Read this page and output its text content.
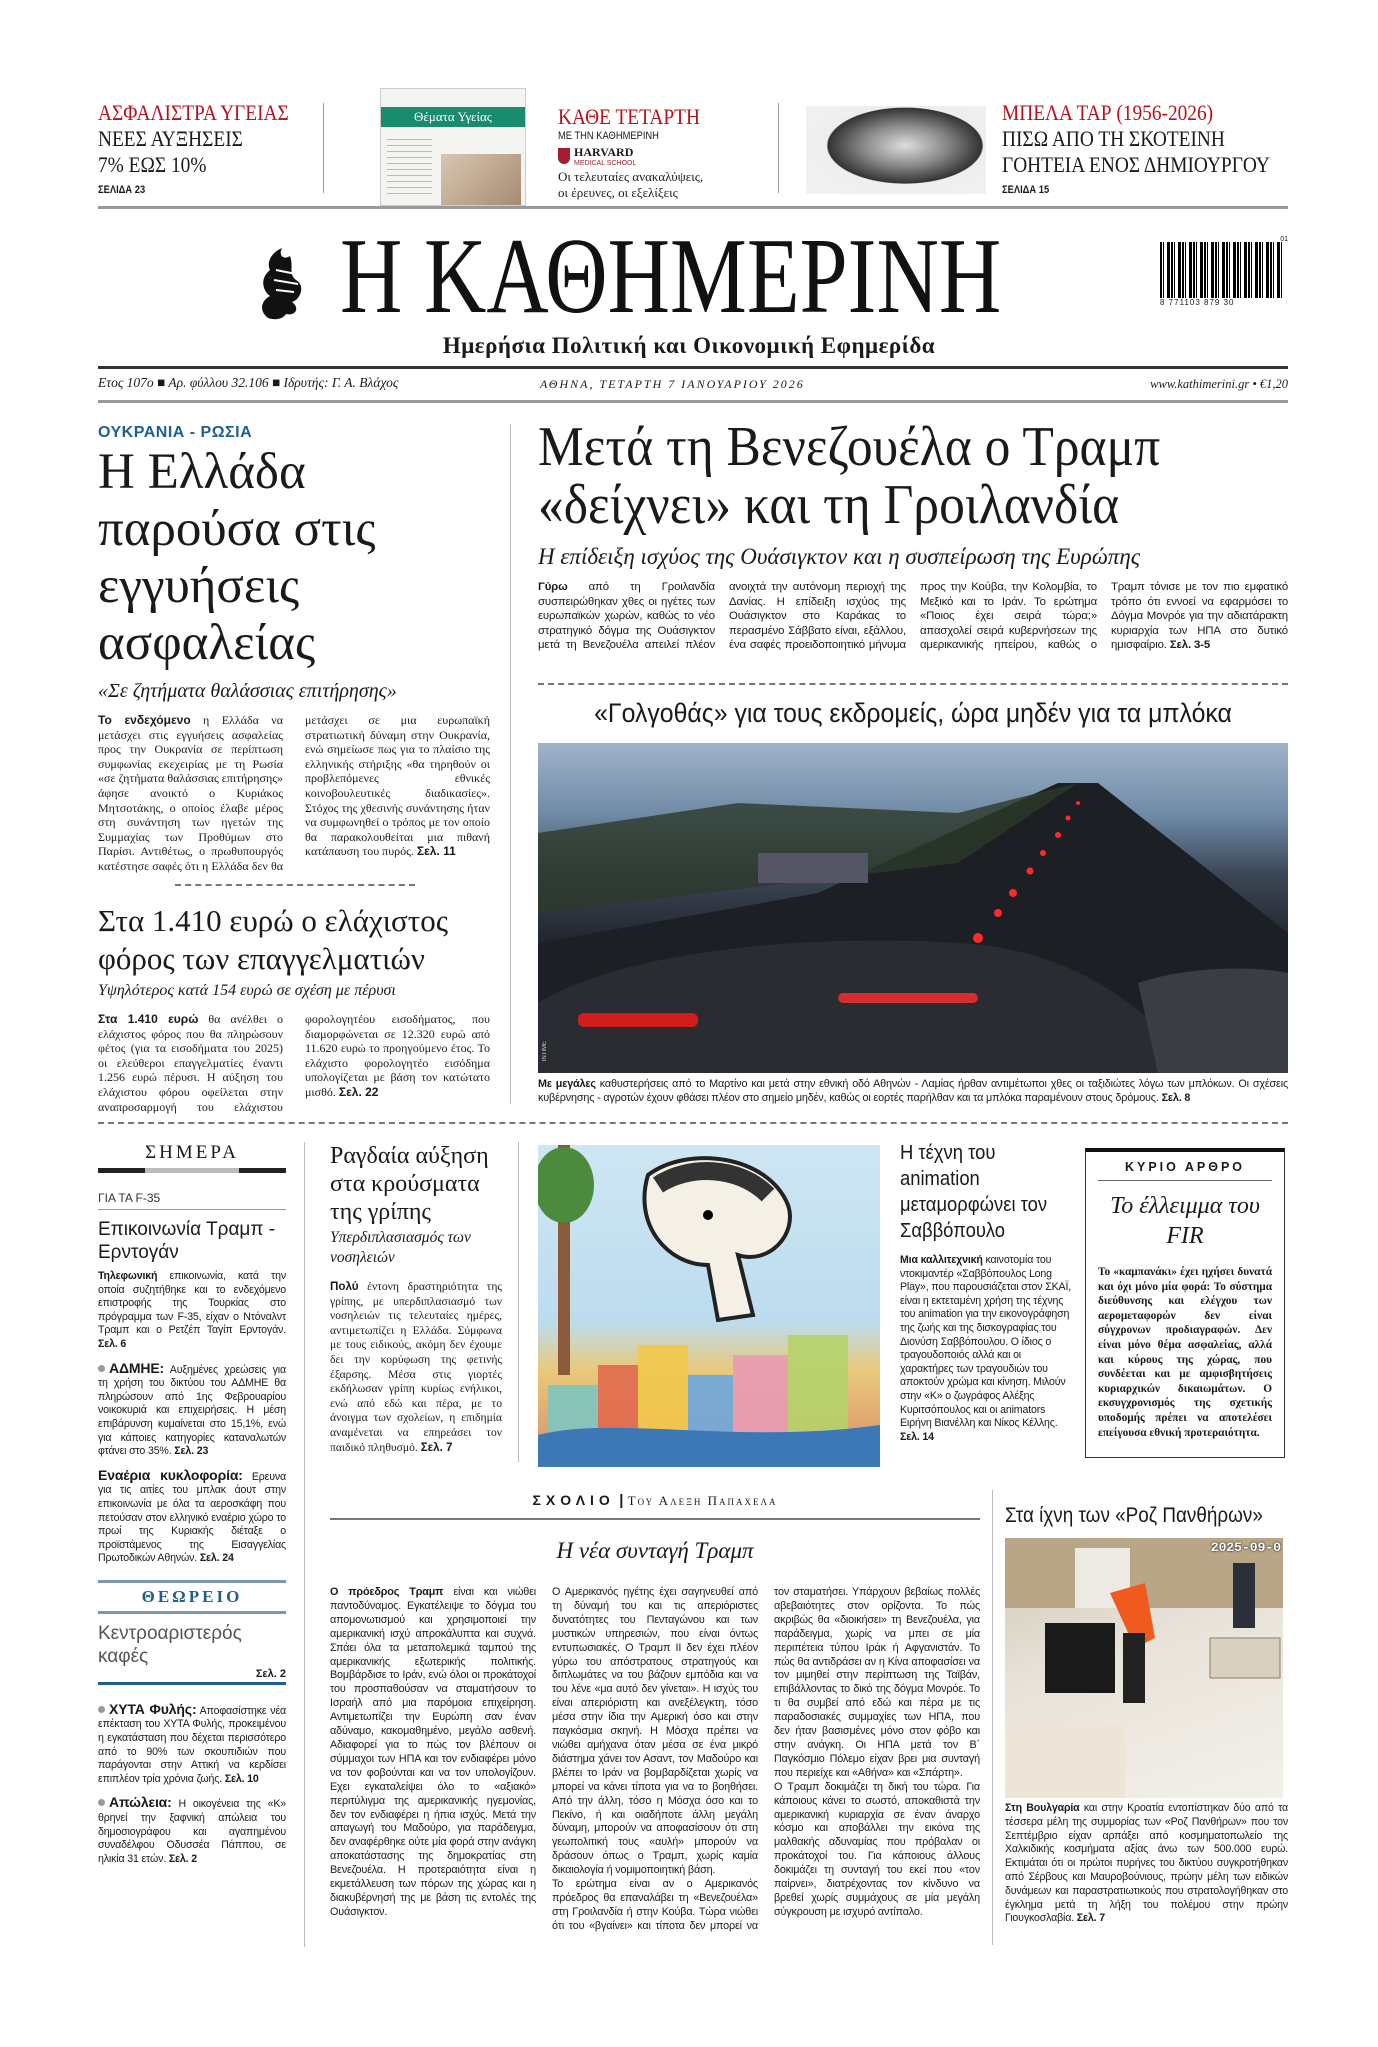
ΑΣΦΑΛΙΣΤΡΑ ΥΓΕΙΑΣ
ΝΕΕΣ ΑΥΞΗΣΕΙΣ
7% ΕΩΣ 10%
ΣΕΛΙΔΑ 23
Θέματα Υγείας	ΚΑΘΕ ΤΕΤΑΡΤΗ
ΜΕ ΤΗΝ ΚΑΘΗΜΕΡΙΝΗ
HARVARD
MEDICAL SCHOOL
Οι τελευταίες ανακαλύψεις,
οι έρευνες, οι εξελίξεις
ΜΠΕΛΑ ΤΑΡ (1956-2026)
ΠΙΣΩ ΑΠΟ ΤΗ ΣΚΟΤΕΙΝΗ
ΓΟΗΤΕΙΑ ΕΝΟΣ ΔΗΜΙΟΥΡΓΟΥ
ΣΕΛΙΔΑ 15
Η ΚΑΘΗΜΕΡΙΝΗ	8 771103 879 30
01
Ημερήσια Πολιτική και Οικονομική Εφημερίδα
Ετος 107ο ■ Αρ. φύλλου 32.106 ■ Ιδρυτής: Γ. Α. Βλάχος	ΑΘΗΝΑ, ΤΕΤΑΡΤΗ 7 ΙΑΝΟΥΑΡΙΟΥ 2026	www.kathimerini.gr • €1,20
ΟΥΚΡΑΝΙΑ - ΡΩΣΙΑ
Η Ελλάδα παρούσα στις εγγυήσεις ασφαλείας
«Σε ζητήματα θαλάσσιας επιτήρησης»

Το ενδεχόμενο η Ελλάδα να μετάσχει στις εγγυήσεις ασφαλείας προς την Ουκρανία σε περίπτωση συμφωνίας εκεχειρίας με τη Ρωσία «σε ζητήματα θαλάσσιας επιτήρησης» άφησε ανοικτό ο Κυριάκος Μητσοτάκης, ο οποίος έλαβε μέρος στη συνάντηση των ηγετών της Συμμαχίας των Προθύμων στο Παρίσι. Αντιθέτως, ο πρωθυπουργός κατέστησε σαφές ότι η Ελλάδα δεν θα μετάσχει σε μια ευρωπαϊκή στρατιωτική δύναμη στην Ουκρανία, ενώ σημείωσε πως για το πλαίσιο της ελληνικής στήριξης «θα τηρηθούν οι προβλεπόμενες εθνικές κοινοβουλευτικές διαδικασίες». Στόχος της χθεσινής συνάντησης ήταν να συμφωνηθεί ο τρόπος με τον οποίο θα παρακολουθείται μια πιθανή κατάπαυση του πυρός. Σελ. 11

Στα 1.410 ευρώ ο ελάχιστος φόρος των επαγγελματιών
Υψηλότερος κατά 154 ευρώ σε σχέση με πέρυσι

Στα 1.410 ευρώ θα ανέλθει ο ελάχιστος φόρος που θα πληρώσουν φέτος (για τα εισοδήματα του 2025) οι ελεύθεροι επαγγελματίες έναντι 1.256 ευρώ πέρυσι. Η αύξηση του ελάχιστου φόρου οφείλεται στην αναπροσαρμογή του ελάχιστου φορολογητέου εισοδήματος, που διαμορφώνεται σε 12.320 ευρώ από 11.620 ευρώ το προηγούμενο έτος. Το ελάχιστο φορολογητέο εισόδημα υπολογίζεται με βάση τον κατώτατο μισθό. Σελ. 22

Μετά τη Βενεζουέλα ο Τραμπ «δείχνει» και τη Γροιλανδία
Η επίδειξη ισχύος της Ουάσιγκτον και η συσπείρωση της Ευρώπης

Γύρω από τη Γροιλανδία συσπειρώθηκαν χθες οι ηγέτες των ευρωπαϊκών χωρών, καθώς το νέο στρατηγικό δόγμα της Ουάσιγκτον μετά τη Βενεζουέλα απειλεί πλέον ανοιχτά την αυτόνομη περιοχή της Δανίας. Η επίδειξη ισχύος της Ουάσιγκτον στο Καράκας το περασμένο Σάββατο είναι, εξάλλου, ένα σαφές προειδοποιητικό μήνυμα προς την Κούβα, την Κολομβία, το Μεξικό και το Ιράν. Το ερώτημα «Ποιος έχει σειρά τώρα;» απασχολεί σειρά κυβερνήσεων της αμερικανικής ηπείρου, καθώς ο Τραμπ τόνισε με τον πιο εμφατικό τρόπο ότι εννοεί να εφαρμόσει το Δόγμα Μονρόε για την αδιατάρακτη κυριαρχία των ΗΠΑ στο δυτικό ημισφαίριο. Σελ. 3-5

«Γολγοθάς» για τους εκδρομείς, ώρα μηδέν για τα μπλόκα
INTIME

Με μεγάλες καθυστερήσεις από το Μαρτίνο και μετά στην εθνική οδό Αθηνών - Λαμίας ήρθαν αντιμέτωποι χθες οι ταξιδιώτες λόγω των μπλόκων. Οι σχέσεις κυβέρνησης - αγροτών έχουν φθάσει πλέον στο σημείο μηδέν, καθώς οι εορτές παρήλθαν και τα μπλόκα παραμένουν στους δρόμους. Σελ. 8

ΣΗΜΕΡΑ
ΓΙΑ ΤΑ F-35
Επικοινωνία Τραμπ - Ερντογάν

Τηλεφωνική επικοινωνία, κατά την οποία συζητήθηκε και το ενδεχόμενο επιστροφής της Τουρκίας στο πρόγραμμα των F-35, είχαν ο Ντόναλντ Τραμπ και ο Ρετζέπ Ταγίπ Ερντογάν. Σελ. 6

ΑΔΜΗΕ: Αυξημένες χρεώσεις για τη χρήση του δικτύου του ΑΔΜΗΕ θα πληρώσουν από 1ης Φεβρουαρίου νοικοκυριά και επιχειρήσεις. Η μέση επιβάρυνση κυμαίνεται στο 15,1%, ενώ για κάποιες κατηγορίες καταναλωτών φτάνει στο 35%. Σελ. 23

Εναέρια κυκλοφορία: Ερευνα για τις αιτίες του μπλακ άουτ στην επικοινωνία με όλα τα αεροσκάφη που πετούσαν στον ελληνικό εναέριο χώρο το πρωί της Κυριακής διέταξε ο προϊστάμενος της Εισαγγελίας Πρωτοδικών Αθηνών. Σελ. 24

ΘΕΩΡΕΙΟ
Κεντροαριστερός καφές
Σελ. 2

ΧΥΤΑ Φυλής: Αποφασίστηκε νέα επέκταση του ΧΥΤΑ Φυλής, προκειμένου η εγκατάσταση που δέχεται περισσότερο από το 90% των σκουπιδιών που παράγονται στην Αττική να κερδίσει επιπλέον τρία χρόνια ζωής. Σελ. 10

Απώλεια: Η οικογένεια της «Κ» θρηνεί την ξαφνική απώλεια του δημοσιογράφου και αγαπημένου συναδέλφου Οδυσσέα Πάππου, σε ηλικία 31 ετών. Σελ. 2

Ραγδαία αύξηση στα κρούσματα της γρίπης
Υπερδιπλασιασμός των νοσηλειών

Πολύ έντονη δραστηριότητα της γρίπης, με υπερδιπλασιασμό των νοσηλειών τις τελευταίες ημέρες, αντιμετωπίζει η Ελλάδα. Σύμφωνα με τους ειδικούς, ακόμη δεν έχουμε δει την κορύφωση της φετινής έξαρσης. Μέσα στις γιορτές εκδήλωσαν γρίπη κυρίως ενήλικοι, ενώ από εδώ και πέρα, με το άνοιγμα των σχολείων, η επιδημία αναμένεται να επηρεάσει τον παιδικό πληθυσμό. Σελ. 7

Η τέχνη του animation μεταμορφώνει τον Σαββόπουλο

Μια καλλιτεχνική καινοτομία του ντοκιμαντέρ «Σαββόπουλος Long Play», που παρουσιάζεται στον ΣΚΑΪ, είναι η εκτεταμένη χρήση της τέχνης του animation για την εικονογράφηση της ζωής και της δισκογραφίας του Διονύση Σαββόπουλου. Ο ίδιος ο τραγουδοποιός αλλά και οι χαρακτήρες των τραγουδιών του αποκτούν χρώμα και κίνηση. Μιλούν στην «Κ» ο ζωγράφος Αλέξης Κυριτσόπουλος και οι animators Ειρήνη Βιανέλλη και Νίκος Κέλλης. Σελ. 14

ΚΥΡΙΟ ΑΡΘΡΟ
Το έλλειμμα του FIR

Το «καμπανάκι» έχει ηχήσει δυνατά και όχι μόνο μία φορά: Το σύστημα διεύθυνσης και ελέγχου των αερομεταφορών δεν είναι σύγχρονων προδιαγραφών. Δεν είναι μόνο θέμα ασφαλείας, αλλά και κύρους της χώρας, που συνδέεται και με αμφισβητήσεις κυριαρχικών δικαιωμάτων. Ο εκσυγχρονισμός της σχετικής υποδομής πρέπει να αποτελέσει επείγουσα εθνική προτεραιότητα.

ΣΧΟΛΙΟ | Του Αλεξη Παπαχελα
Η νέα συνταγή Τραμπ

Ο πρόεδρος Τραμπ είναι και νιώθει παντοδύναμος. Εγκατέλειψε το δόγμα του απομονωτισμού και χρησιμοποιεί την αμερικανική ισχύ απροκάλυπτα και συχνά. Σπάει όλα τα μεταπολεμικά ταμπού της αμερικανικής εξωτερικής πολιτικής. Βομβάρδισε το Ιράν, ενώ όλοι οι προκάτοχοί του προσπαθούσαν να σταματήσουν το Ισραήλ από μια παρόμοια επιχείρηση. Αντιμετωπίζει την Ευρώπη σαν έναν αδύναμο, κακομαθημένο, μεγάλο ασθενή. Αδιαφορεί για το πώς τον βλέπουν οι σύμμαχοι των ΗΠΑ και τον ενδιαφέρει μόνο να τον φοβούνται και να τον υπολογίζουν. Εχει εγκαταλείψει όλο το «αξιακό» περιτύλιγμα της αμερικανικής ηγεμονίας, δεν τον ενδιαφέρει η ήπια ισχύς. Μετά την απαγωγή του Μαδούρο, για παράδειγμα, δεν αναφέρθηκε ούτε μία φορά στην ανάγκη αποκατάστασης της δημοκρατίας στη Βενεζουέλα. Η προτεραιότητα είναι η εκμετάλλευση των πόρων της χώρας και η διακυβέρνησή της με βάση τις εντολές της Ουάσιγκτον.

Ο Αμερικανός ηγέτης έχει σαγηνευθεί από τη δύναμή του και τις απεριόριστες δυνατότητες του Πενταγώνου και των μυστικών υπηρεσιών, που είναι όντως εντυπωσιακές. Ο Τραμπ ΙΙ δεν έχει πλέον γύρω του απόστρατους στρατηγούς και διπλωμάτες να του βάζουν εμπόδια και να του λένε «μα αυτό δεν γίνεται». Η ισχύς του είναι απεριόριστη και ανεξέλεγκτη, τόσο μέσα στην ίδια την Αμερική όσο και στην παγκόσμια σκηνή. Η Μόσχα πρέπει να νιώθει αμήχανα όταν μέσα σε ένα μικρό διάστημα χάνει τον Ασαντ, τον Μαδούρο και βλέπει το Ιράν να βομβαρδίζεται χωρίς να μπορεί να κάνει τίποτα για να το βοηθήσει. Από την άλλη, τόσο η Μόσχα όσο και το Πεκίνο, ή και οιαδήποτε άλλη μεγάλη δύναμη, μπορούν να αποφασίσουν ότι στη γεωπολιτική τους «αυλή» μπορούν να δράσουν όπως ο Τραμπ, χωρίς καμία δικαιολογία ή νομιμοποιητική βάση.

Το ερώτημα είναι αν ο Αμερικανός πρόεδρος θα επαναλάβει τη «Βενεζουέλα» στη Γροιλανδία ή στην Κούβα. Τώρα νιώθει ότι του «βγαίνει» και τίποτα δεν μπορεί να τον σταματήσει. Υπάρχουν βεβαίως πολλές αβεβαιότητες στον ορίζοντα. Το πώς ακριβώς θα «διοικήσει» τη Βενεζουέλα, για παράδειγμα, χωρίς να μπει σε μία περιπέτεια τύπου Ιράκ ή Αφγανιστάν. Το πώς θα αντιδράσει αν η Κίνα αποφασίσει να τον μιμηθεί στην περίπτωση της Ταϊβάν, επιβάλλοντας το δικό της δόγμα Μονρόε. Το τι θα συμβεί από εδώ και πέρα με τις παραδοσιακές συμμαχίες των ΗΠΑ, που δεν ήταν βασισμένες μόνο στον φόβο και στην ανάγκη. Οι ΗΠΑ μετά τον Β΄ Παγκόσμιο Πόλεμο είχαν βρει μια συνταγή που περιείχε και «Αθήνα» και «Σπάρτη».

Ο Τραμπ δοκιμάζει τη δική του τώρα. Για κάποιους κάνει το σωστό, αποκαθιστά την αμερικανική κυριαρχία σε έναν άναρχο κόσμο και αποβάλλει την εικόνα της μαλθακής αδυναμίας που πρόβαλαν οι προκάτοχοί του. Για κάποιους άλλους δοκιμάζει τη συνταγή του εκεί που «τον παίρνει», διατρέχοντας τον κίνδυνο να βρεθεί χωρίς συμμάχους σε μία μεγάλη σύγκρουση με ισχυρό αντίπαλο.

Στα ίχνη των «Ροζ Πανθήρων»
2025-09-0

Στη Βουλγαρία και στην Κροατία εντοπίστηκαν δύο από τα τέσσερα μέλη της συμμορίας των «Ροζ Πανθήρων» που τον Σεπτέμβριο είχαν αρπάξει από κοσμηματοπωλείο της Χαλκιδικής κοσμήματα αξίας άνω των 500.000 ευρώ. Εκτιμάται ότι οι πρώτοι πυρήνες του δικτύου συγκροτήθηκαν από Σέρβους και Μαυροβούνιους, πρώην μέλη των ειδικών δυνάμεων και παραστρατιωτικούς που στρατολογήθηκαν στο έγκλημα μετά τη λήξη του πολέμου στην πρώην Γιουγκοσλαβία. Σελ. 7
